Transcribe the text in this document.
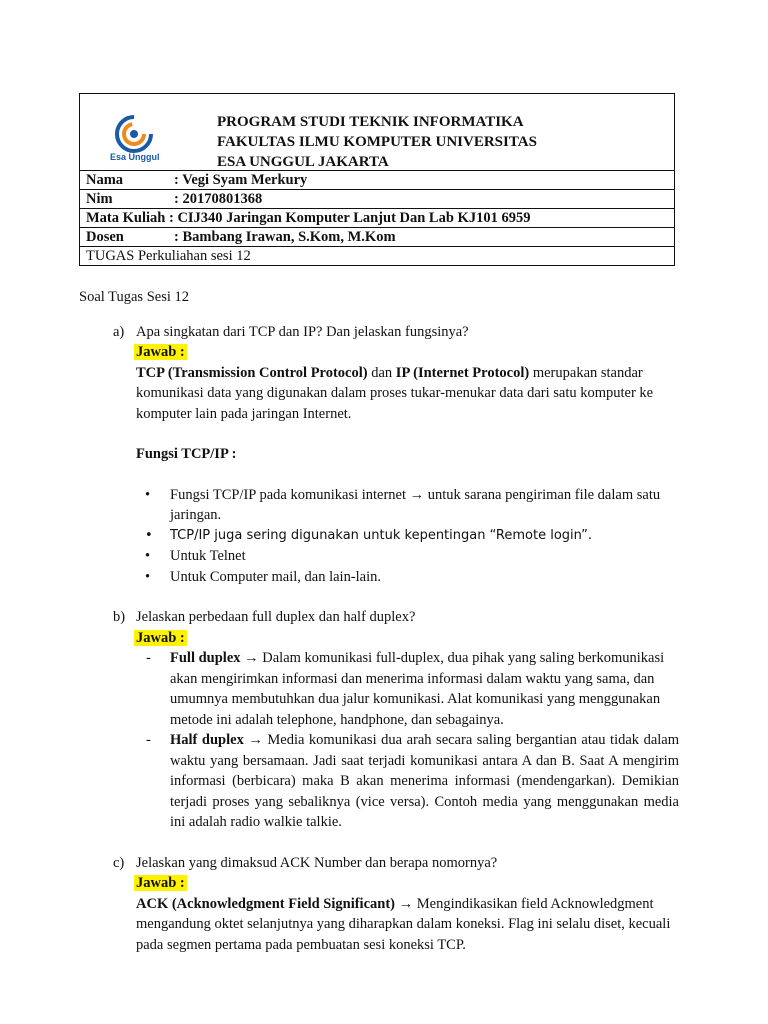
Esa Unggul
PROGRAM STUDI TEKNIK INFORMATIKA
FAKULTAS ILMU KOMPUTER UNIVERSITAS
ESA UNGGUL JAKARTA

Nama	: Vegi Syam Merkury
Nim	: 20170801368
Mata Kuliah : CIJ340 Jaringan Komputer Lanjut Dan Lab KJ101 6959
Dosen	: Bambang Irawan, S.Kom, M.Kom
TUGAS Perkuliahan sesi 12

Soal Tugas Sesi 12

a) Apa singkatan dari TCP dan IP? Dan jelaskan fungsinya?

Jawab :

TCP (Transmission Control Protocol) dan IP (Internet Protocol) merupakan standar komunikasi data yang digunakan dalam proses tukar-menukar data dari satu komputer ke komputer lain pada jaringan Internet.

Fungsi TCP/IP :

• Fungsi TCP/IP pada komunikasi internet → untuk sarana pengiriman file dalam satu jaringan.
• TCP/IP juga sering digunakan untuk kepentingan “Remote login”.
• Untuk Telnet
• Untuk Computer mail, dan lain-lain.
b) Jelaskan perbedaan full duplex dan half duplex?

Jawab :

- Full duplex → Dalam komunikasi full-duplex, dua pihak yang saling berkomunikasi akan mengirimkan informasi dan menerima informasi dalam waktu yang sama, dan umumnya membutuhkan dua jalur komunikasi. Alat komunikasi yang menggunakan metode ini adalah telephone, handphone, dan sebagainya.
- Half duplex → Media komunikasi dua arah secara saling bergantian atau tidak dalam waktu yang bersamaan. Jadi saat terjadi komunikasi antara A dan B. Saat A mengirim informasi (berbicara) maka B akan menerima informasi (mendengarkan). Demikian terjadi proses yang sebaliknya (vice versa). Contoh media yang menggunakan media ini adalah radio walkie talkie.
c) Jelaskan yang dimaksud ACK Number dan berapa nomornya?

Jawab :

ACK (Acknowledgment Field Significant) → Mengindikasikan field Acknowledgment mengandung oktet selanjutnya yang diharapkan dalam koneksi. Flag ini selalu diset, kecuali pada segmen pertama pada pembuatan sesi koneksi TCP.
